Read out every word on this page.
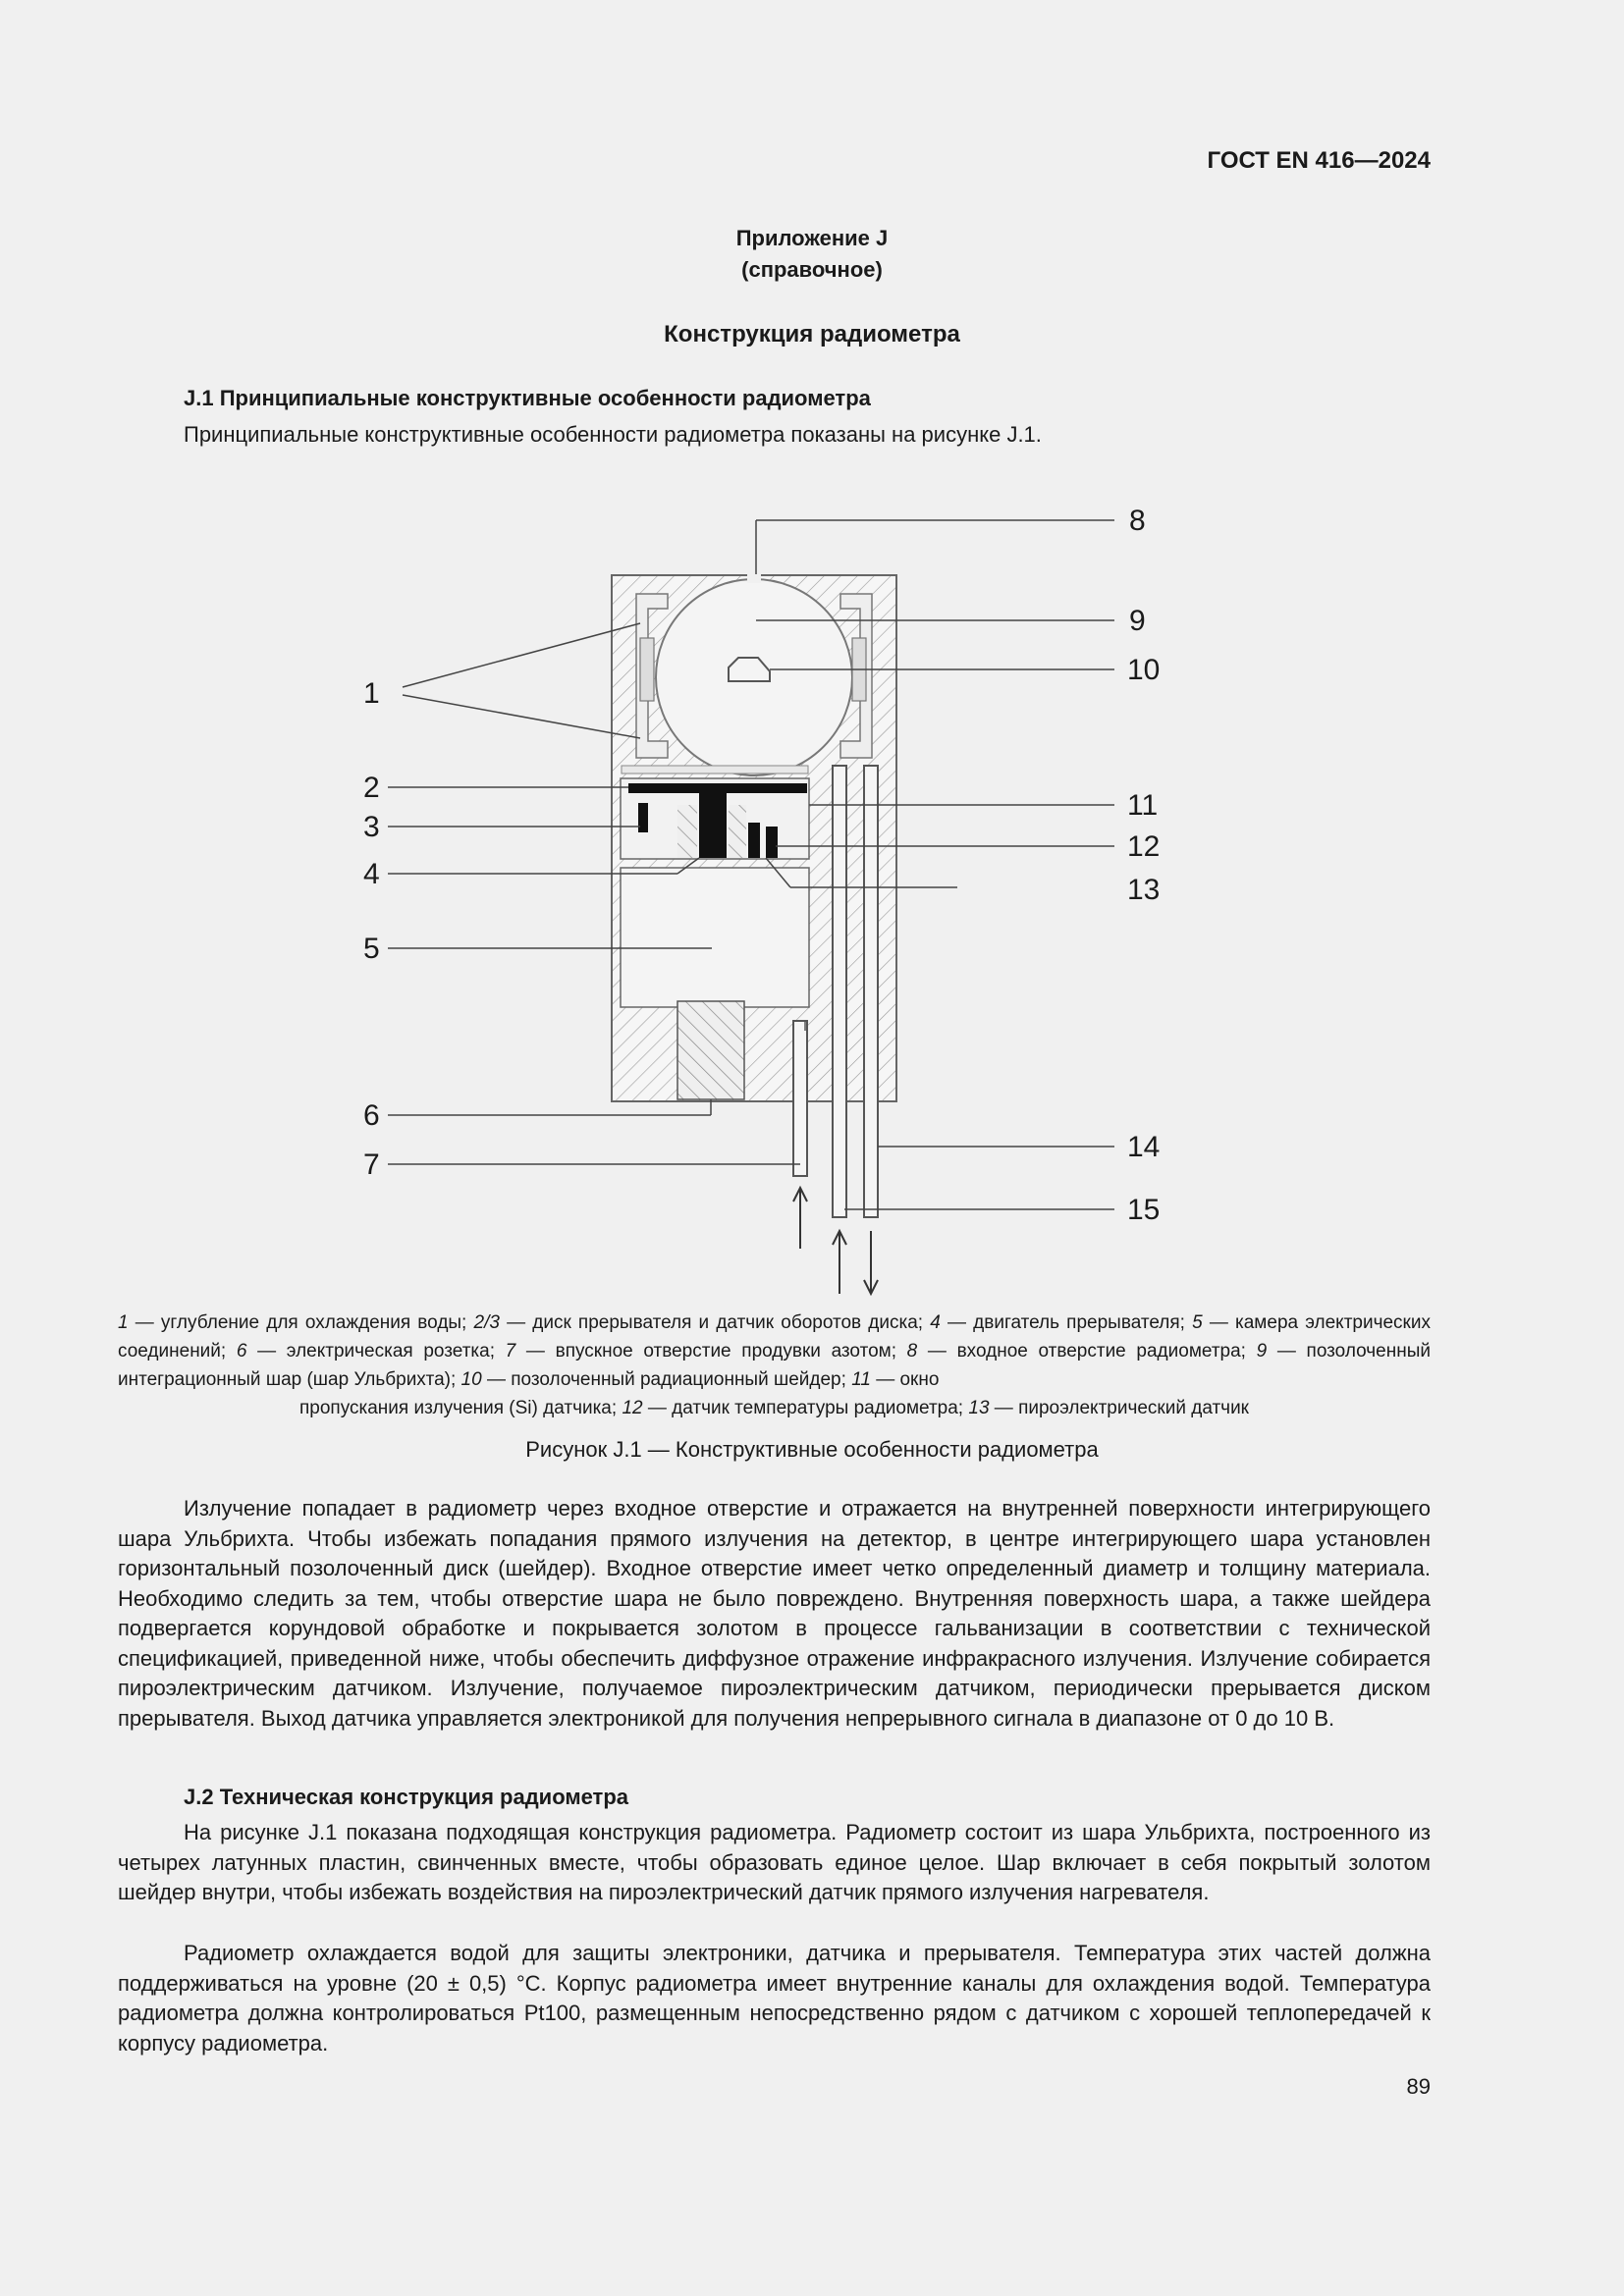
ГОСТ EN 416—2024
Приложение J
(справочное)
Конструкция радиометра
J.1 Принципиальные конструктивные особенности радиометра
Принципиальные конструктивные особенности радиометра показаны на рисунке J.1.
8
9
10
1
2
3
4
5
11
12
13
6
7
14
15
1 — углубление для охлаждения воды; 2/3 — диск прерывателя и датчик оборотов диска; 4 — двигатель прерывателя; 5 — камера электрических соединений; 6 — электрическая розетка; 7 — впускное отверстие продувки азотом; 8 — входное отверстие радиометра; 9 — позолоченный интеграционный шар (шар Ульбрихта); 10 — позолоченный радиационный шейдер; 11 — окно
пропускания излучения (Si) датчика; 12 — датчик температуры радиометра; 13 — пироэлектрический датчик
Рисунок J.1 — Конструктивные особенности радиометра
Излучение попадает в радиометр через входное отверстие и отражается на внутренней поверхности интегрирующего шара Ульбрихта. Чтобы избежать попадания прямого излучения на детектор, в центре интегрирующего шара установлен горизонтальный позолоченный диск (шейдер). Входное отверстие имеет четко определенный диаметр и толщину материала. Необходимо следить за тем, чтобы отверстие шара не было повреждено. Внутренняя поверхность шара, а также шейдера подвергается корундовой обработке и покрывается золотом в процессе гальванизации в соответствии с технической спецификацией, приведенной ниже, чтобы обеспечить диффузное отражение инфракрасного излучения. Излучение собирается пироэлектрическим датчиком. Излучение, получаемое пироэлектрическим датчиком, периодически прерывается диском прерывателя. Выход датчика управляется электроникой для получения непрерывного сигнала в диапазоне от 0 до 10 В.
J.2 Техническая конструкция радиометра
На рисунке J.1 показана подходящая конструкция радиометра. Радиометр состоит из шара Ульбрихта, построенного из четырех латунных пластин, свинченных вместе, чтобы образовать единое целое. Шар включает в себя покрытый золотом шейдер внутри, чтобы избежать воздействия на пироэлектрический датчик прямого излучения нагревателя.
Радиометр охлаждается водой для защиты электроники, датчика и прерывателя. Температура этих частей должна поддерживаться на уровне (20 ± 0,5) °С. Корпус радиометра имеет внутренние каналы для охлаждения водой. Температура радиометра должна контролироваться Pt100, размещенным непосредственно рядом с датчиком с хорошей теплопередачей к корпусу радиометра.
89
